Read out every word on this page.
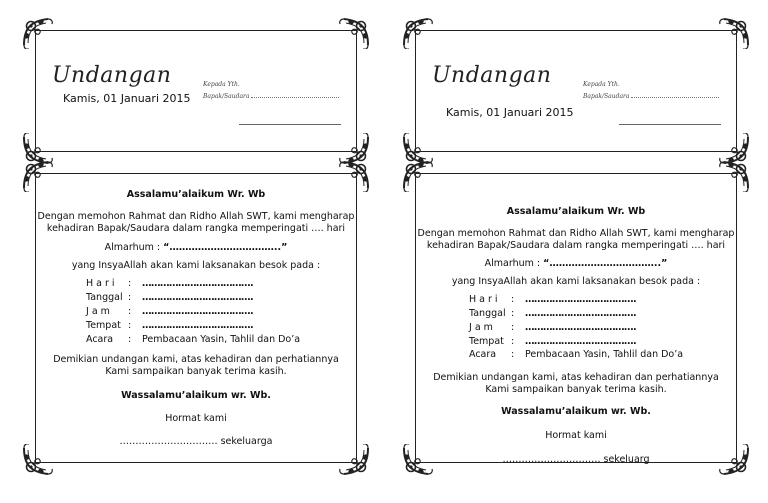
Undangan
Kamis, 01 Januari 2015
Kepada Yth.
Bapak/Saudara
Undangan
Kamis, 01 Januari 2015
Kepada Yth.
Bapak/Saudara
Assalamu’alaikum Wr. Wb
Dengan memohon Rahmat dan Ridho Allah SWT, kami mengharap
kehadiran Bapak/Saudara dalam rangka memperingati …. hari
Almarhum : “……………………………..”
yang InsyaAllah akan kami laksanakan besok pada :
H a r i : ……………………………….
Tanggal : ……………………………….
J a m : ……………………………….
Tempat : ……………………………….
Acara : Pembacaan Yasin, Tahlil dan Do’a
Demikian undangan kami, atas kehadiran dan perhatiannya
Kami sampaikan banyak terima kasih.
Wassalamu’alaikum wr. Wb.
Hormat kami
…………………………. sekeluarga
Assalamu’alaikum Wr. Wb
Dengan memohon Rahmat dan Ridho Allah SWT, kami mengharap
kehadiran Bapak/Saudara dalam rangka memperingati …. hari
Almarhum : “……………………………..”
yang InsyaAllah akan kami laksanakan besok pada :
H a r i : ……………………………….
Tanggal : ……………………………….
J a m : ……………………………….
Tempat : ……………………………….
Acara : Pembacaan Yasin, Tahlil dan Do’a
Demikian undangan kami, atas kehadiran dan perhatiannya
Kami sampaikan banyak terima kasih.
Wassalamu’alaikum wr. Wb.
Hormat kami
…………………………. sekeluarg
